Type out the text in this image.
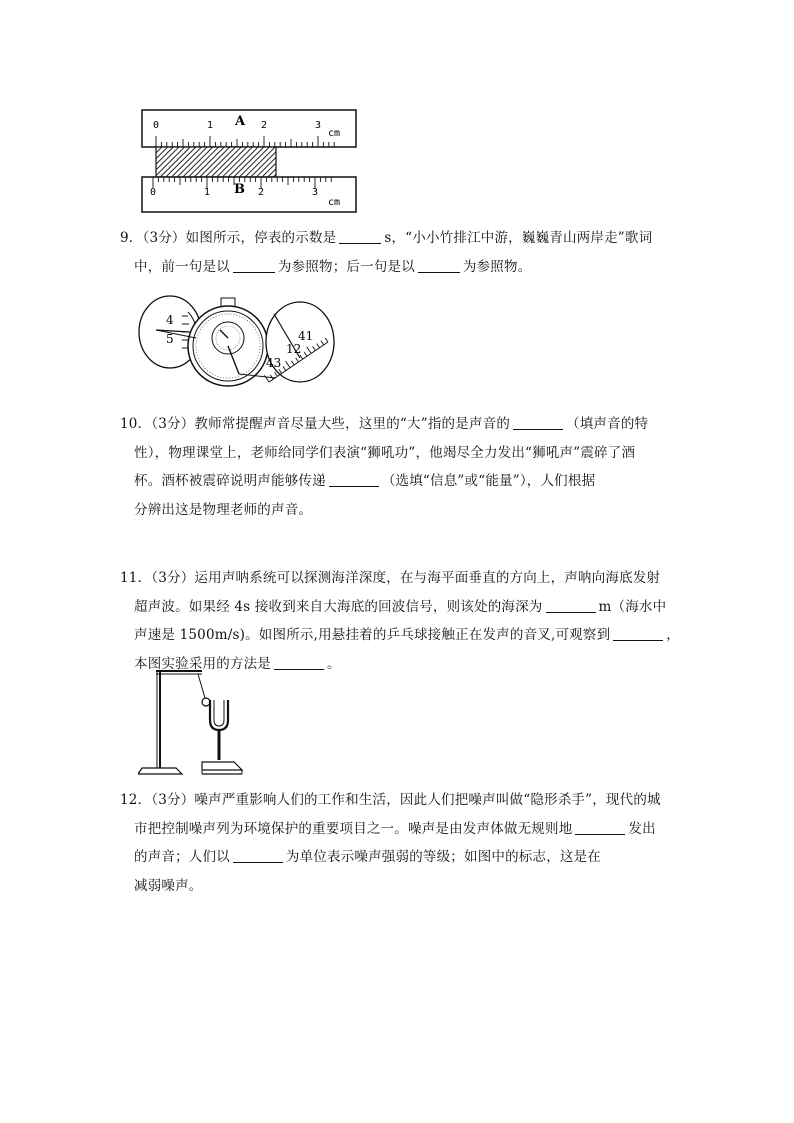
A
0	1	2	3
cm
0	1 B 2	3
cm
9．（3分）如图所示，停表的示数是	s，“小小竹排江中游，巍巍青山两岸走”歌词
中，前一句是以	为参照物；后一句是以	为参照物。
4
5	41
12
43
10．（3分）教师常提醒声音尽量大些，这里的“大”指的是声音的	（填声音的特
性），物理课堂上，老师给同学们表演“狮吼功”，他竭尽全力发出“狮吼声”震碎了酒
杯。酒杯被震碎说明声能够传递	（选填“信息”或“能量”），人们根据
分辨出这是物理老师的声音。
11．（3分）运用声呐系统可以探测海洋深度，在与海平面垂直的方向上，声呐向海底发射
超声波。如果经 4s 接收到来自大海底的回波信号，则该处的海深为	m（海水中
声速是 1500m/s)。如图所示,用悬挂着的乒乓球接触正在发声的音叉,可观察到	，
本图实验采用的方法是	。
12．（3分）噪声严重影响人们的工作和生活，因此人们把噪声叫做“隐形杀手”，现代的城
市把控制噪声列为环境保护的重要项目之一。噪声是由发声体做无规则地	发出
的声音；人们以	为单位表示噪声强弱的等级；如图中的标志，这是在
减弱噪声。
